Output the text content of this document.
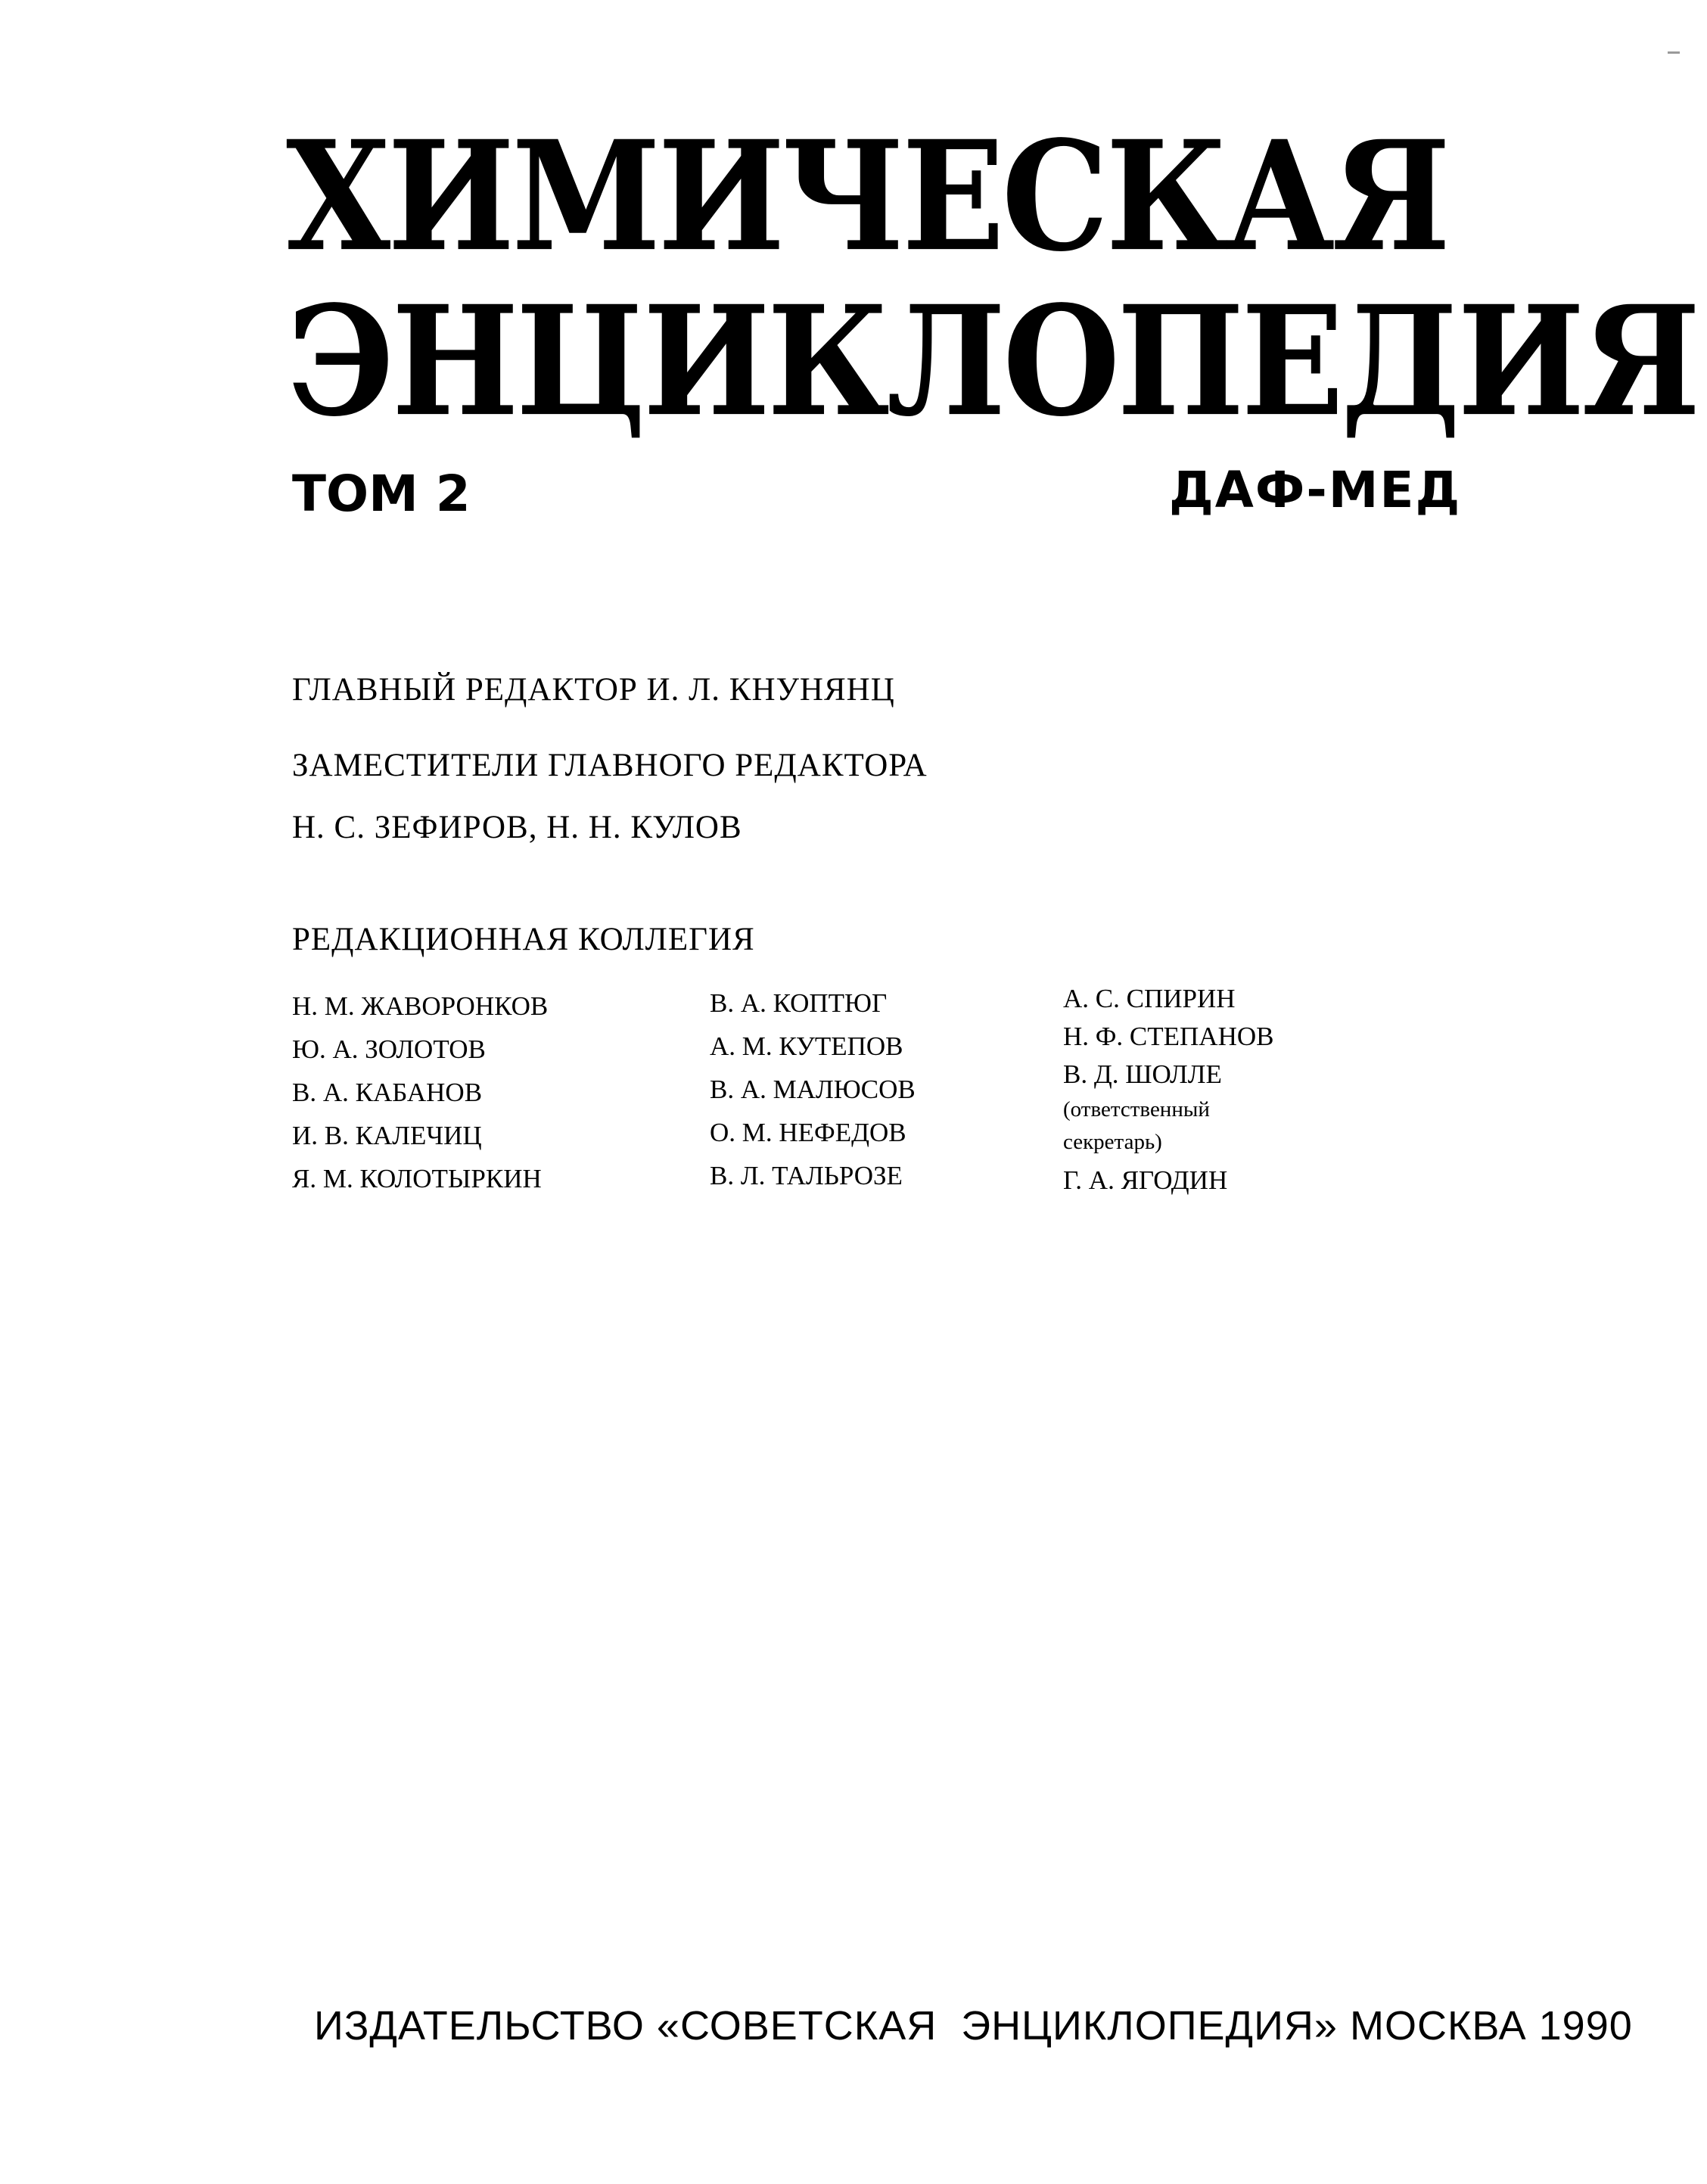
ХИМИЧЕСКАЯ
ЭНЦИКЛОПЕДИЯ
ТОМ 2	ДАФ-МЕД
ГЛАВНЫЙ РЕДАКТОР И. Л. КНУНЯНЦ
ЗАМЕСТИТЕЛИ ГЛАВНОГО РЕДАКТОРА
Н. С. ЗЕФИРОВ, Н. Н. КУЛОВ
РЕДАКЦИОННАЯ КОЛЛЕГИЯ
Н. М. ЖАВОРОНКОВ
Ю. А. ЗОЛОТОВ
В. А. КАБАНОВ
И. В. КАЛЕЧИЦ
Я. М. КОЛОТЫРКИН
В. А. КОПТЮГ
А. М. КУТЕПОВ
В. А. МАЛЮСОВ
О. М. НЕФЕДОВ
В. Л. ТАЛЬРОЗЕ
А. С. СПИРИН
Н. Ф. СТЕПАНОВ
В. Д. ШОЛЛЕ
(ответственный
секретарь)
Г. А. ЯГОДИН
ИЗДАТЕЛЬСТВО «СОВЕТСКАЯ  ЭНЦИКЛОПЕДИЯ» МОСКВА 1990
